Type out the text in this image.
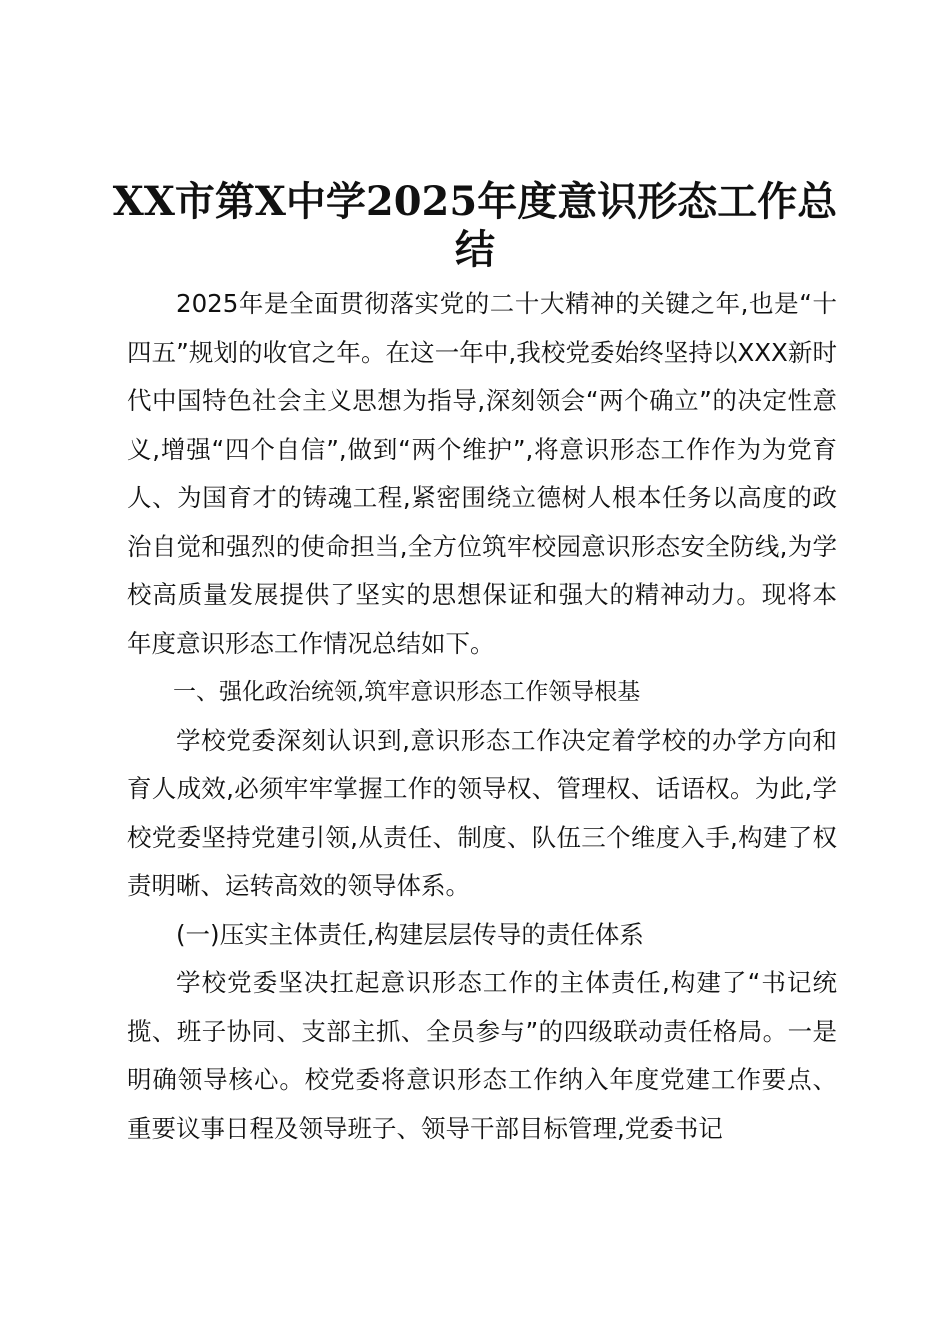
XX市第X中学2025年度意识形态工作总结

2025年是全面贯彻落实党的二十大精神的关键之年,也是“十四五”规划的收官之年。在这一年中,我校党委始终坚持以XXX新时代中国特色社会主义思想为指导,深刻领会“两个确立”的决定性意义,增强“四个自信”,做到“两个维护”,将意识形态工作作为为党育人、为国育才的铸魂工程,紧密围绕立德树人根本任务以高度的政治自觉和强烈的使命担当,全方位筑牢校园意识形态安全防线,为学校高质量发展提供了坚实的思想保证和强大的精神动力。现将本年度意识形态工作情况总结如下。

一、强化政治统领,筑牢意识形态工作领导根基

学校党委深刻认识到,意识形态工作决定着学校的办学方向和育人成效,必须牢牢掌握工作的领导权、管理权、话语权。为此,学校党委坚持党建引领,从责任、制度、队伍三个维度入手,构建了权责明晰、运转高效的领导体系。

(一)压实主体责任,构建层层传导的责任体系

学校党委坚决扛起意识形态工作的主体责任,构建了“书记统揽、班子协同、支部主抓、全员参与”的四级联动责任格局。一是明确领导核心。校党委将意识形态工作纳入年度党建工作要点、重要议事日程及领导班子、领导干部目标管理,党委书记
